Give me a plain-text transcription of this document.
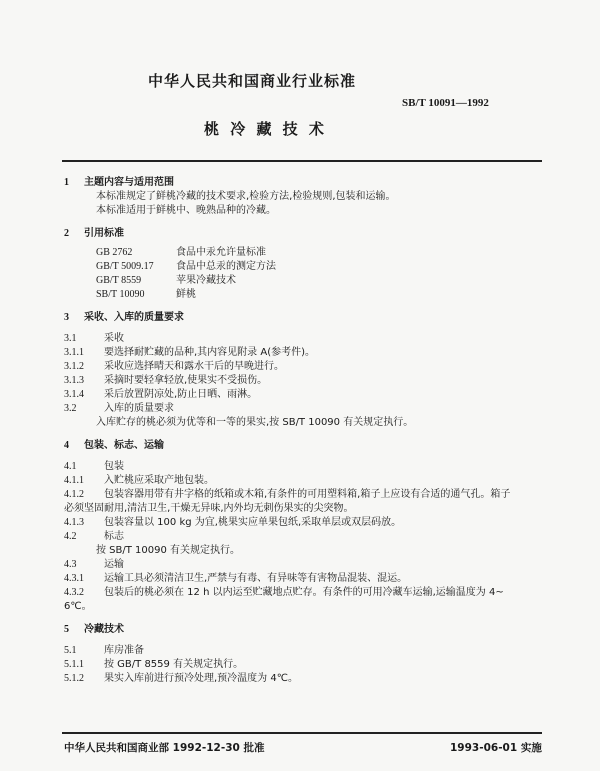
中华人民共和国商业行业标准
SB/T 10091—1992
桃 冷 藏 技 术
1 主题内容与适用范围
本标准规定了鲜桃冷藏的技术要求,检验方法,检验规则,包装和运输。
本标准适用于鲜桃中、晚熟品种的冷藏。
2 引用标准
GB 2762	食品中汞允许量标准
GB/T 5009.17 食品中总汞的测定方法
GB/T 8559	苹果冷藏技术
SB/T 10090	鲜桃
3 采收、入库的质量要求
3.1	采收
3.1.1 要选择耐贮藏的品种,其内容见附录 A(参考件)。
3.1.2 采收应选择晴天和露水干后的早晚进行。
3.1.3 采摘时要轻拿轻放,使果实不受损伤。
3.1.4 采后放置阴凉处,防止日晒、雨淋。
3.2	入库的质量要求
入库贮存的桃必须为优等和一等的果实,按 SB/T 10090 有关规定执行。
4 包装、标志、运输
4.1	包装
4.1.1 入贮桃应采取产地包装。
4.1.2 包装容器用带有井字格的纸箱或木箱,有条件的可用塑料箱,箱子上应设有合适的通气孔。箱子
必须坚固耐用,清洁卫生,干燥无异味,内外均无刺伤果实的尖突物。
4.1.3 包装容量以 100 kg 为宜,桃果实应单果包纸,采取单层或双层码放。
4.2	标志
按 SB/T 10090 有关规定执行。
4.3	运输
4.3.1 运输工具必须清洁卫生,严禁与有毒、有异味等有害物品混装、混运。
4.3.2 包装后的桃必须在 12 h 以内运至贮藏地点贮存。有条件的可用冷藏车运输,运输温度为 4~
6℃。
5 冷藏技术
5.1	库房准备
5.1.1 按 GB/T 8559 有关规定执行。
5.1.2 果实入库前进行预冷处理,预冷温度为 4℃。
中华人民共和国商业部 1992-12-30 批准	1993-06-01 实施
